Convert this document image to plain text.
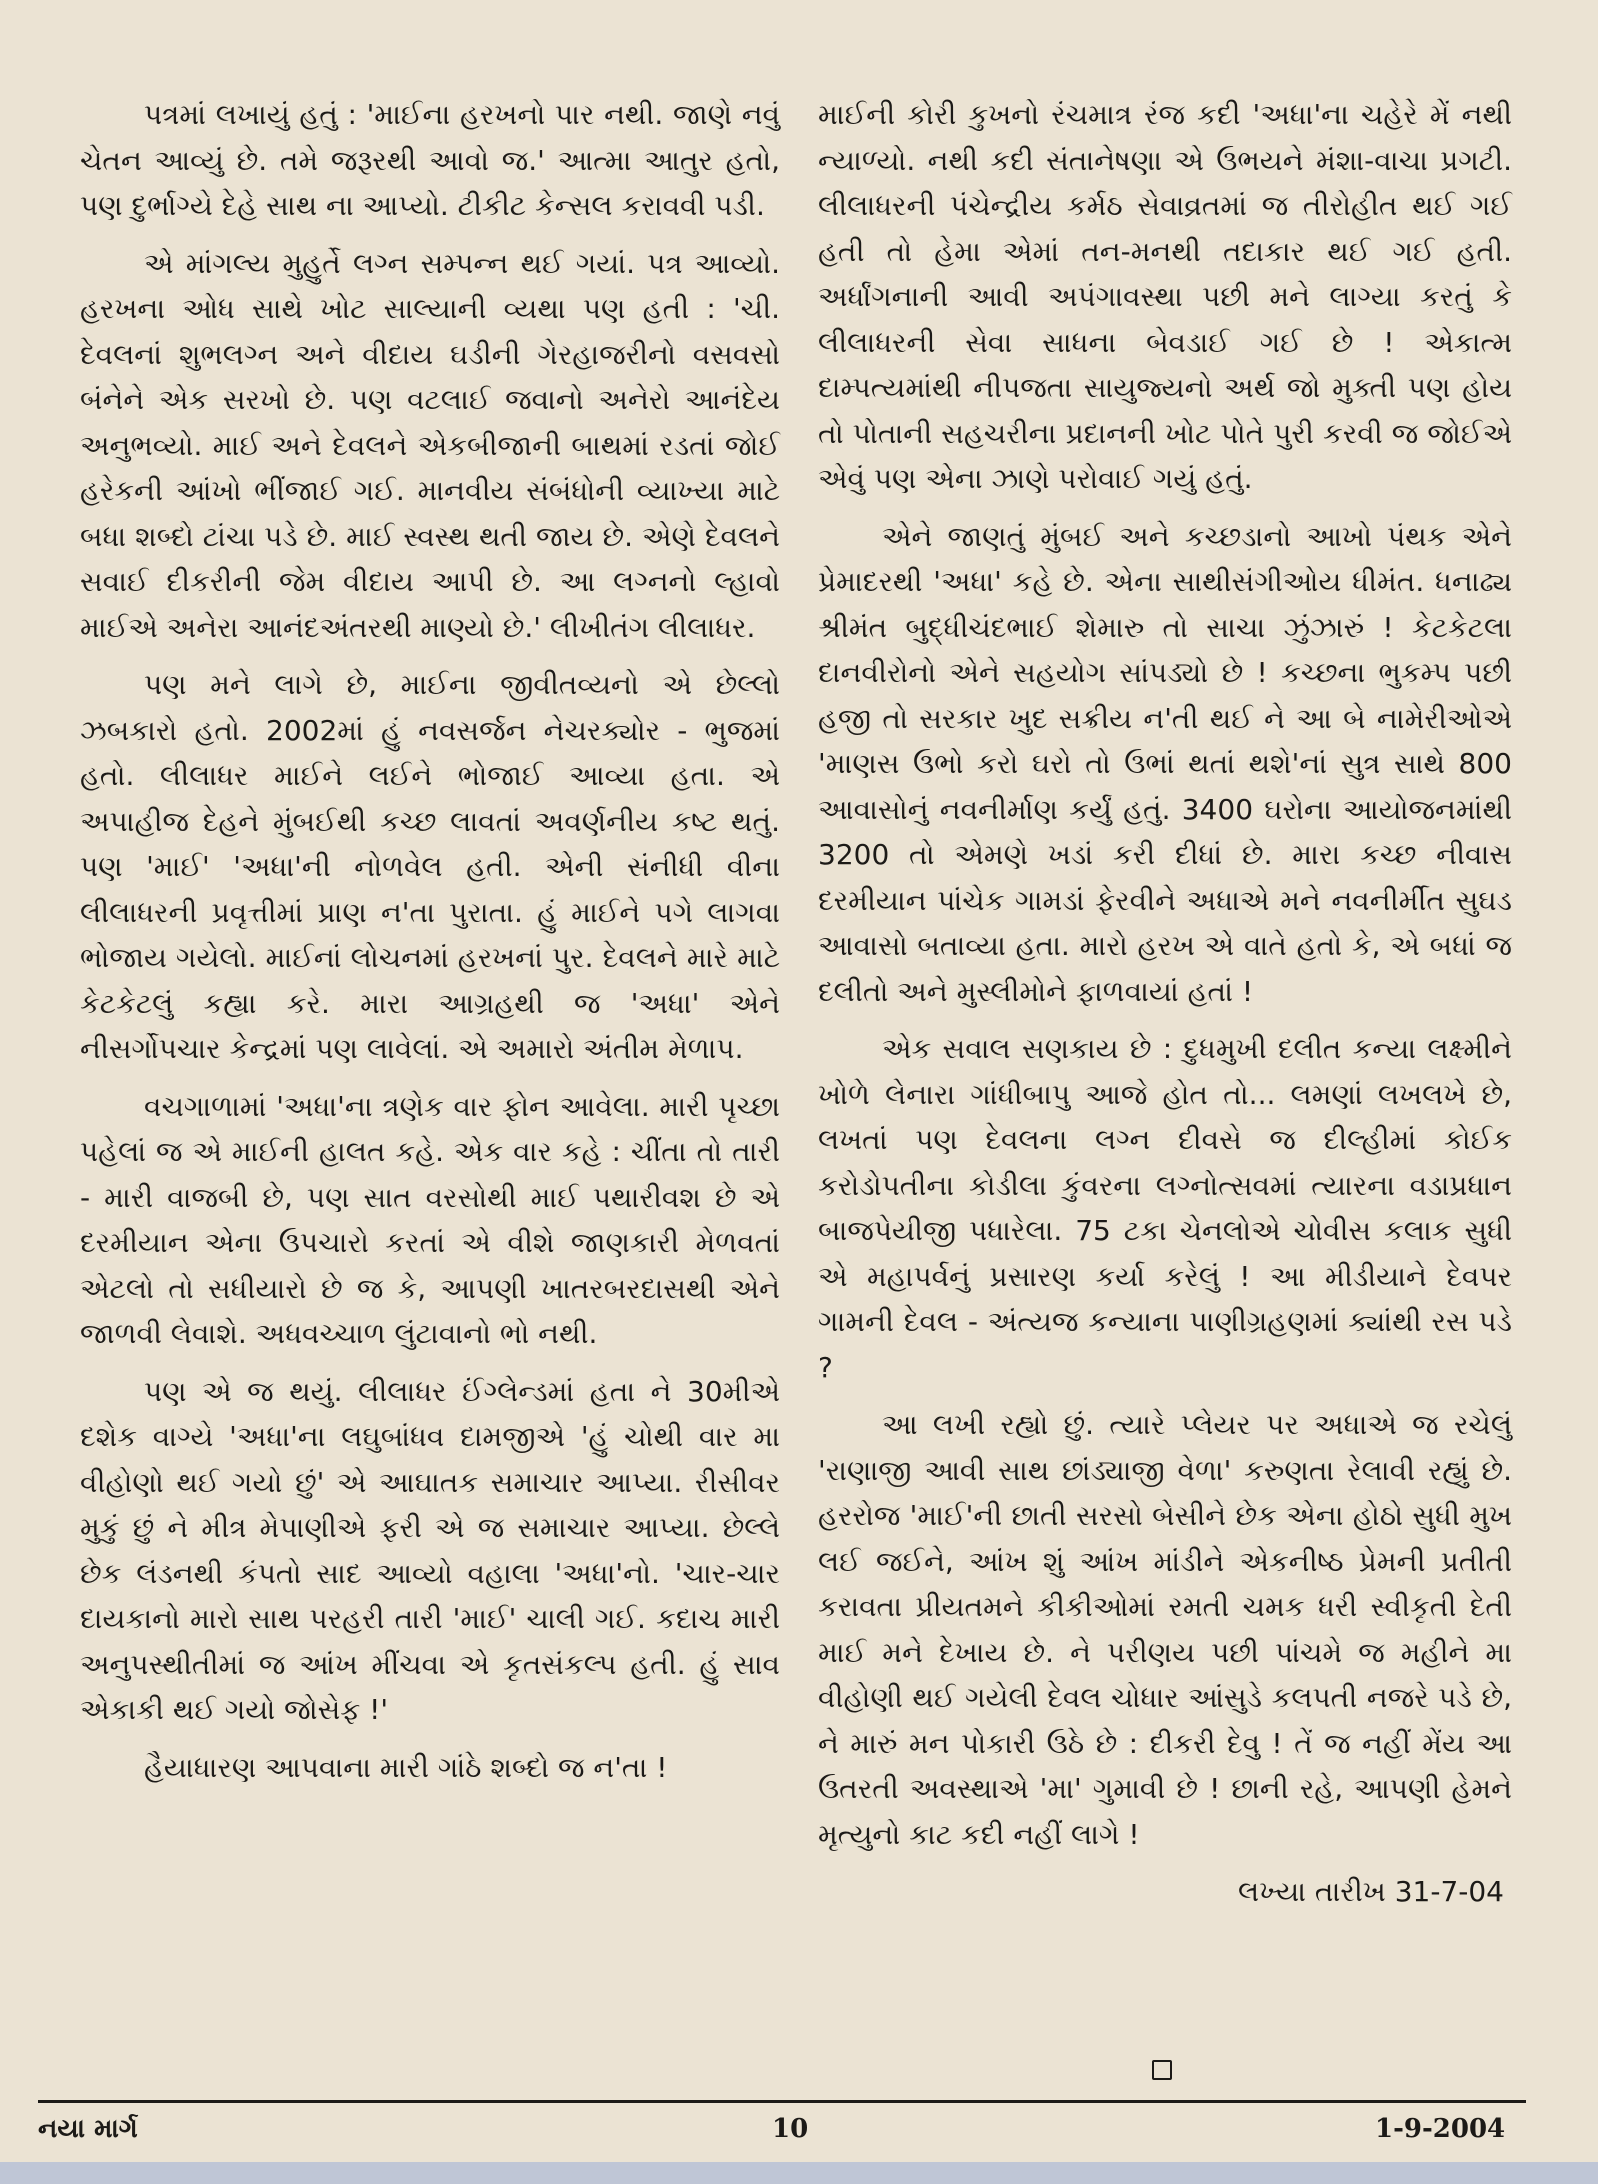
પત્રમાં લખાયું હતું : 'માઈના હરખનો પાર નથી. જાણે નવું ચેતન આવ્યું છે. તમે જરૂરથી આવો જ.' આત્મા આતુર હતો, પણ દુર્ભાગ્યે દેહે સાથ ના આપ્યો. ટીકીટ કેન્સલ કરાવવી પડી.

એ માંગલ્ય મુહુર્તે લગ્ન સમ્પન્ન થઈ ગયાં. પત્ર આવ્યો. હરખના ઓધ સાથે ખોટ સાલ્યાની વ્યથા પણ હતી : 'ચી. દેવલનાં શુભલગ્ન અને વીદાય ઘડીની ગેરહાજરીનો વસવસો બંનેને એક સરખો છે. પણ વટલાઈ જવાનો અનેરો આનંદેય અનુભવ્યો. માઈ અને દેવલને એકબીજાની બાથમાં રડતાં જોઈ હરેકની આંખો ભીંજાઈ ગઈ. માનવીય સંબંધોની વ્યાખ્યા માટે બધા શબ્દો ટાંચા પડે છે. માઈ સ્વસ્થ થતી જાય છે. એણે દેવલને સવાઈ દીકરીની જેમ વીદાય આપી છે. આ લગ્નનો લ્હાવો માઈએ અનેરા આનંદઅંતરથી માણ્યો છે.' લીખીતંગ લીલાધર.

પણ મને લાગે છે, માઈના જીવીતવ્યનો એ છેલ્લો ઝબકારો હતો. 2002માં હું નવસર્જન નેચરક્યોર - ભુજમાં હતો. લીલાધર માઈને લઈને ભોજાઈ આવ્યા હતા. એ અપાહીજ દેહને મુંબઈથી કચ્છ લાવતાં અવર્ણનીય કષ્ટ થતું. પણ 'માઈ' 'અધા'ની નોળવેલ હતી. એની સંનીધી વીના લીલાધરની પ્રવૃત્તીમાં પ્રાણ ન'તા પુરાતા. હું માઈને પગે લાગવા ભોજાય ગયેલો. માઈનાં લોચનમાં હરખનાં પુર. દેવલને મારે માટે કેટકેટલું કહ્યા કરે. મારા આગ્રહથી જ 'અધા' એને નીસર્ગોપચાર કેન્દ્રમાં પણ લાવેલાં. એ અમારો અંતીમ મેળાપ.

વચગાળામાં 'અધા'ના ત્રણેક વાર ફોન આવેલા. મારી પૃચ્છા પહેલાં જ એ માઈની હાલત કહે. એક વાર કહે : ચીંતા તો તારી - મારી વાજબી છે, પણ સાત વરસોથી માઈ પથારીવશ છે એ દરમીયાન એના ઉપચારો કરતાં એ વીશે જાણકારી મેળવતાં એટલો તો સધીયારો છે જ કે, આપણી ખાતરબરદાસથી એને જાળવી લેવાશે. અધવચ્ચાળ લુંટાવાનો ભો નથી.

પણ એ જ થયું. લીલાધર ઈંગ્લેન્ડમાં હતા ને 30મીએ દશેક વાગ્યે 'અધા'ના લઘુબાંધવ દામજીએ 'હું ચોથી વાર મા વીહોણો થઈ ગયો છું' એ આઘાતક સમાચાર આપ્યા. રીસીવર મુકું છું ને મીત્ર મેપાણીએ ફરી એ જ સમાચાર આપ્યા. છેલ્લે છેક લંડનથી કંપતો સાદ આવ્યો વહાલા 'અધા'નો. 'ચાર-ચાર દાયકાનો મારો સાથ પરહરી તારી 'માઈ' ચાલી ગઈ. કદાચ મારી અનુપસ્થીતીમાં જ આંખ મીંચવા એ કૃતસંકલ્પ હતી. હું સાવ એકાકી થઈ ગયો જોસેફ !'

હૈયાધારણ આપવાના મારી ગાંઠે શબ્દો જ ન'તા !

માઈની કોરી કુખનો રંચમાત્ર રંજ કદી 'અધા'ના ચહેરે મેં નથી ન્યાળ્યો. નથી કદી સંતાનેષણા એ ઉભયને મંશા-વાચા પ્રગટી. લીલાધરની પંચેન્દ્રીય કર્મઠ સેવાવ્રતમાં જ તીરોહીત થઈ ગઈ હતી તો હેમા એમાં તન-મનથી તદાકાર થઈ ગઈ હતી. અર્ધાંગનાની આવી અપંગાવસ્થા પછી મને લાગ્યા કરતું કે લીલાધરની સેવા સાધના બેવડાઈ ગઈ છે ! એકાત્મ દામ્પત્યમાંથી નીપજતા સાયુજ્યનો અર્થ જો મુક્તી પણ હોય તો પોતાની સહચરીના પ્રદાનની ખોટ પોતે પુરી કરવી જ જોઈએ એવું પણ એના ઝાણે પરોવાઈ ગયું હતું.

એને જાણતું મુંબઈ અને કચ્છડાનો આખો પંથક એને પ્રેમાદરથી 'અધા' કહે છે. એના સાથીસંગીઓય ધીમંત. ધનાઢ્ય શ્રીમંત બુદ્ધીચંદભાઈ શેમારુ તો સાચા ઝુંઝારું ! કેટકેટલા દાનવીરોનો એને સહયોગ સાંપડ્યો છે ! કચ્છના ભુકમ્પ પછી હજી તો સરકાર ખુદ સક્રીય ન'તી થઈ ને આ બે નામેરીઓએ 'માણસ ઉભો કરો ઘરો તો ઉભાં થતાં થશે'નાં સુત્ર સાથે 800 આવાસોનું નવનીર્માણ કર્યું હતું. 3400 ઘરોના આયોજનમાંથી 3200 તો એમણે ખડાં કરી દીધાં છે. મારા કચ્છ નીવાસ દરમીયાન પાંચેક ગામડાં ફેરવીને અધાએ મને નવનીર્મીત સુઘડ આવાસો બતાવ્યા હતા. મારો હરખ એ વાતે હતો કે, એ બધાં જ દલીતો અને મુસ્લીમોને ફાળવાયાં હતાં !

એક સવાલ સણકાય છે : દુધમુખી દલીત કન્યા લક્ષ્મીને ખોળે લેનારા ગાંધીબાપુ આજે હોત તો... લમણાં લખલખે છે, લખતાં પણ દેવલના લગ્ન દીવસે જ દીલ્હીમાં કોઈક કરોડોપતીના કોડીલા કુંવરના લગ્નોત્સવમાં ત્યારના વડાપ્રધાન બાજપેયીજી પધારેલા. 75 ટકા ચેનલોએ ચોવીસ કલાક સુધી એ મહાપર્વનું પ્રસારણ કર્યા કરેલું ! આ મીડીયાને દેવપર ગામની દેવલ - અંત્યજ કન્યાના પાણીગ્રહણમાં ક્યાંથી રસ પડે ?

આ લખી રહ્યો છું. ત્યારે પ્લેયર પર અધાએ જ રચેલું 'રાણાજી આવી સાથ છાંડ્યાજી વેળા' કરુણતા રેલાવી રહ્યું છે. હરરોજ 'માઈ'ની છાતી સરસો બેસીને છેક એના હોઠો સુધી મુખ લઈ જઈને, આંખ શું આંખ માંડીને એકનીષ્ઠ પ્રેમની પ્રતીતી કરાવતા પ્રીયતમને કીકીઓમાં રમતી ચમક ધરી સ્વીકૃતી દેતી માઈ મને દેખાય છે. ને પરીણય પછી પાંચમે જ મહીને મા વીહોણી થઈ ગયેલી દેવલ ચોધાર આંસુડે કલપતી નજરે પડે છે, ને મારું મન પોકારી ઉઠે છે : દીકરી દેવુ ! તેં જ નહીં મેંય આ ઉતરતી અવસ્થાએ 'મા' ગુમાવી છે ! છાની રહે, આપણી હેમને મૃત્યુનો કાટ કદી નહીં લાગે !

લખ્યા તારીખ 31-7-04
નયા માર્ગ	10	1-9-2004
